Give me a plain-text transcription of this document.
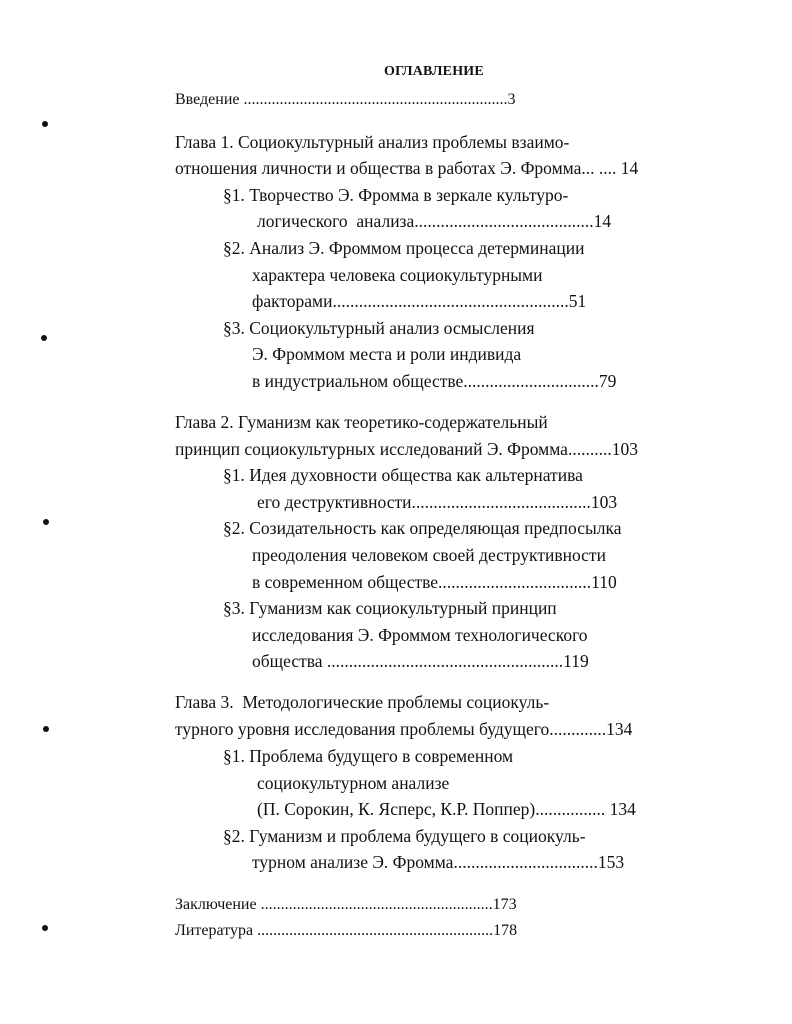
ОГЛАВЛЕНИЕ
Введение ..................................................................3
Глава 1. Социокультурный анализ проблемы взаимо-
отношения личности и общества в работах Э. Фромма... .... 14
§1. Творчество Э. Фромма в зеркале культуро-
логического  анализа.........................................14
§2. Анализ Э. Фроммом процесса детерминации
характера человека социокультурными
факторами......................................................51
§3. Социокультурный анализ осмысления
Э. Фроммом места и роли индивида
в индустриальном обществе...............................79
Глава 2. Гуманизм как теоретико-содержательный
принцип социокультурных исследований Э. Фромма..........103
§1. Идея духовности общества как альтернатива
его деструктивности.........................................103
§2. Созидательность как определяющая предпосылка
преодоления человеком своей деструктивности
в современном обществе...................................110
§3. Гуманизм как социокультурный принцип
исследования Э. Фроммом технологического
общества ......................................................119
Глава 3.  Методологические проблемы социокуль-
турного уровня исследования проблемы будущего.............134
§1. Проблема будущего в современном
социокультурном анализе
(П. Сорокин, К. Ясперс, К.Р. Поппер)................ 134
§2. Гуманизм и проблема будущего в социокуль-
турном анализе Э. Фромма.................................153
Заключение ..........................................................173
Литература ...........................................................178
